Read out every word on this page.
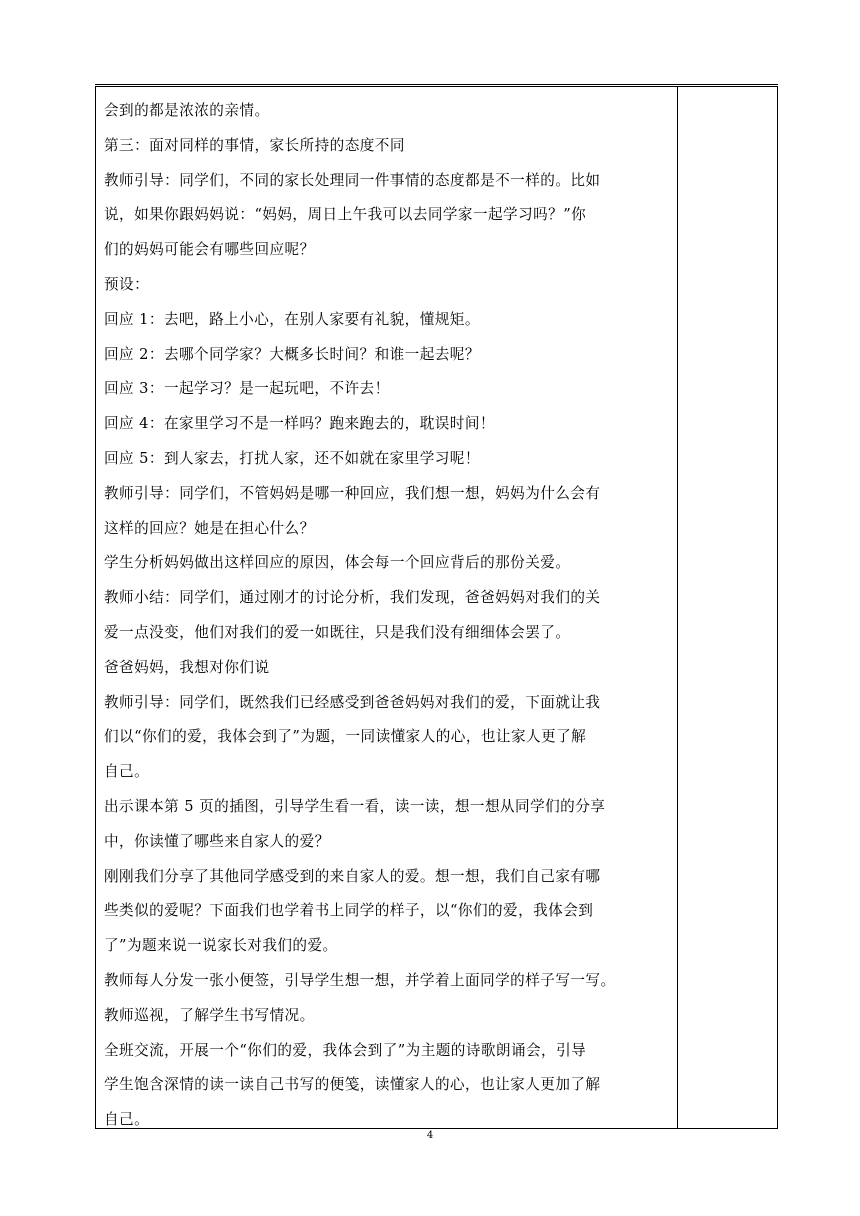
会到的都是浓浓的亲情。

第三：面对同样的事情，家长所持的态度不同

教师引导：同学们，不同的家长处理同一件事情的态度都是不一样的。比如

说，如果你跟妈妈说：“妈妈，周日上午我可以去同学家一起学习吗？”你

们的妈妈可能会有哪些回应呢？

预设：

回应 1：去吧，路上小心，在别人家要有礼貌，懂规矩。

回应 2：去哪个同学家？大概多长时间？和谁一起去呢？

回应 3：一起学习？是一起玩吧，不许去！

回应 4：在家里学习不是一样吗？跑来跑去的，耽误时间！

回应 5：到人家去，打扰人家，还不如就在家里学习呢！

教师引导：同学们，不管妈妈是哪一种回应，我们想一想，妈妈为什么会有

这样的回应？她是在担心什么？

学生分析妈妈做出这样回应的原因，体会每一个回应背后的那份关爱。

教师小结：同学们，通过刚才的讨论分析，我们发现，爸爸妈妈对我们的关

爱一点没变，他们对我们的爱一如既往，只是我们没有细细体会罢了。

爸爸妈妈，我想对你们说

教师引导：同学们，既然我们已经感受到爸爸妈妈对我们的爱，下面就让我

们以“你们的爱，我体会到了”为题，一同读懂家人的心，也让家人更了解

自己。

出示课本第 5 页的插图，引导学生看一看，读一读，想一想从同学们的分享

中，你读懂了哪些来自家人的爱？

刚刚我们分享了其他同学感受到的来自家人的爱。想一想，我们自己家有哪

些类似的爱呢？下面我们也学着书上同学的样子，以“你们的爱，我体会到

了”为题来说一说家长对我们的爱。

教师每人分发一张小便签，引导学生想一想，并学着上面同学的样子写一写。

教师巡视，了解学生书写情况。

全班交流，开展一个“你们的爱，我体会到了”为主题的诗歌朗诵会，引导

学生饱含深情的读一读自己书写的便笺，读懂家人的心，也让家人更加了解

自己。

4
